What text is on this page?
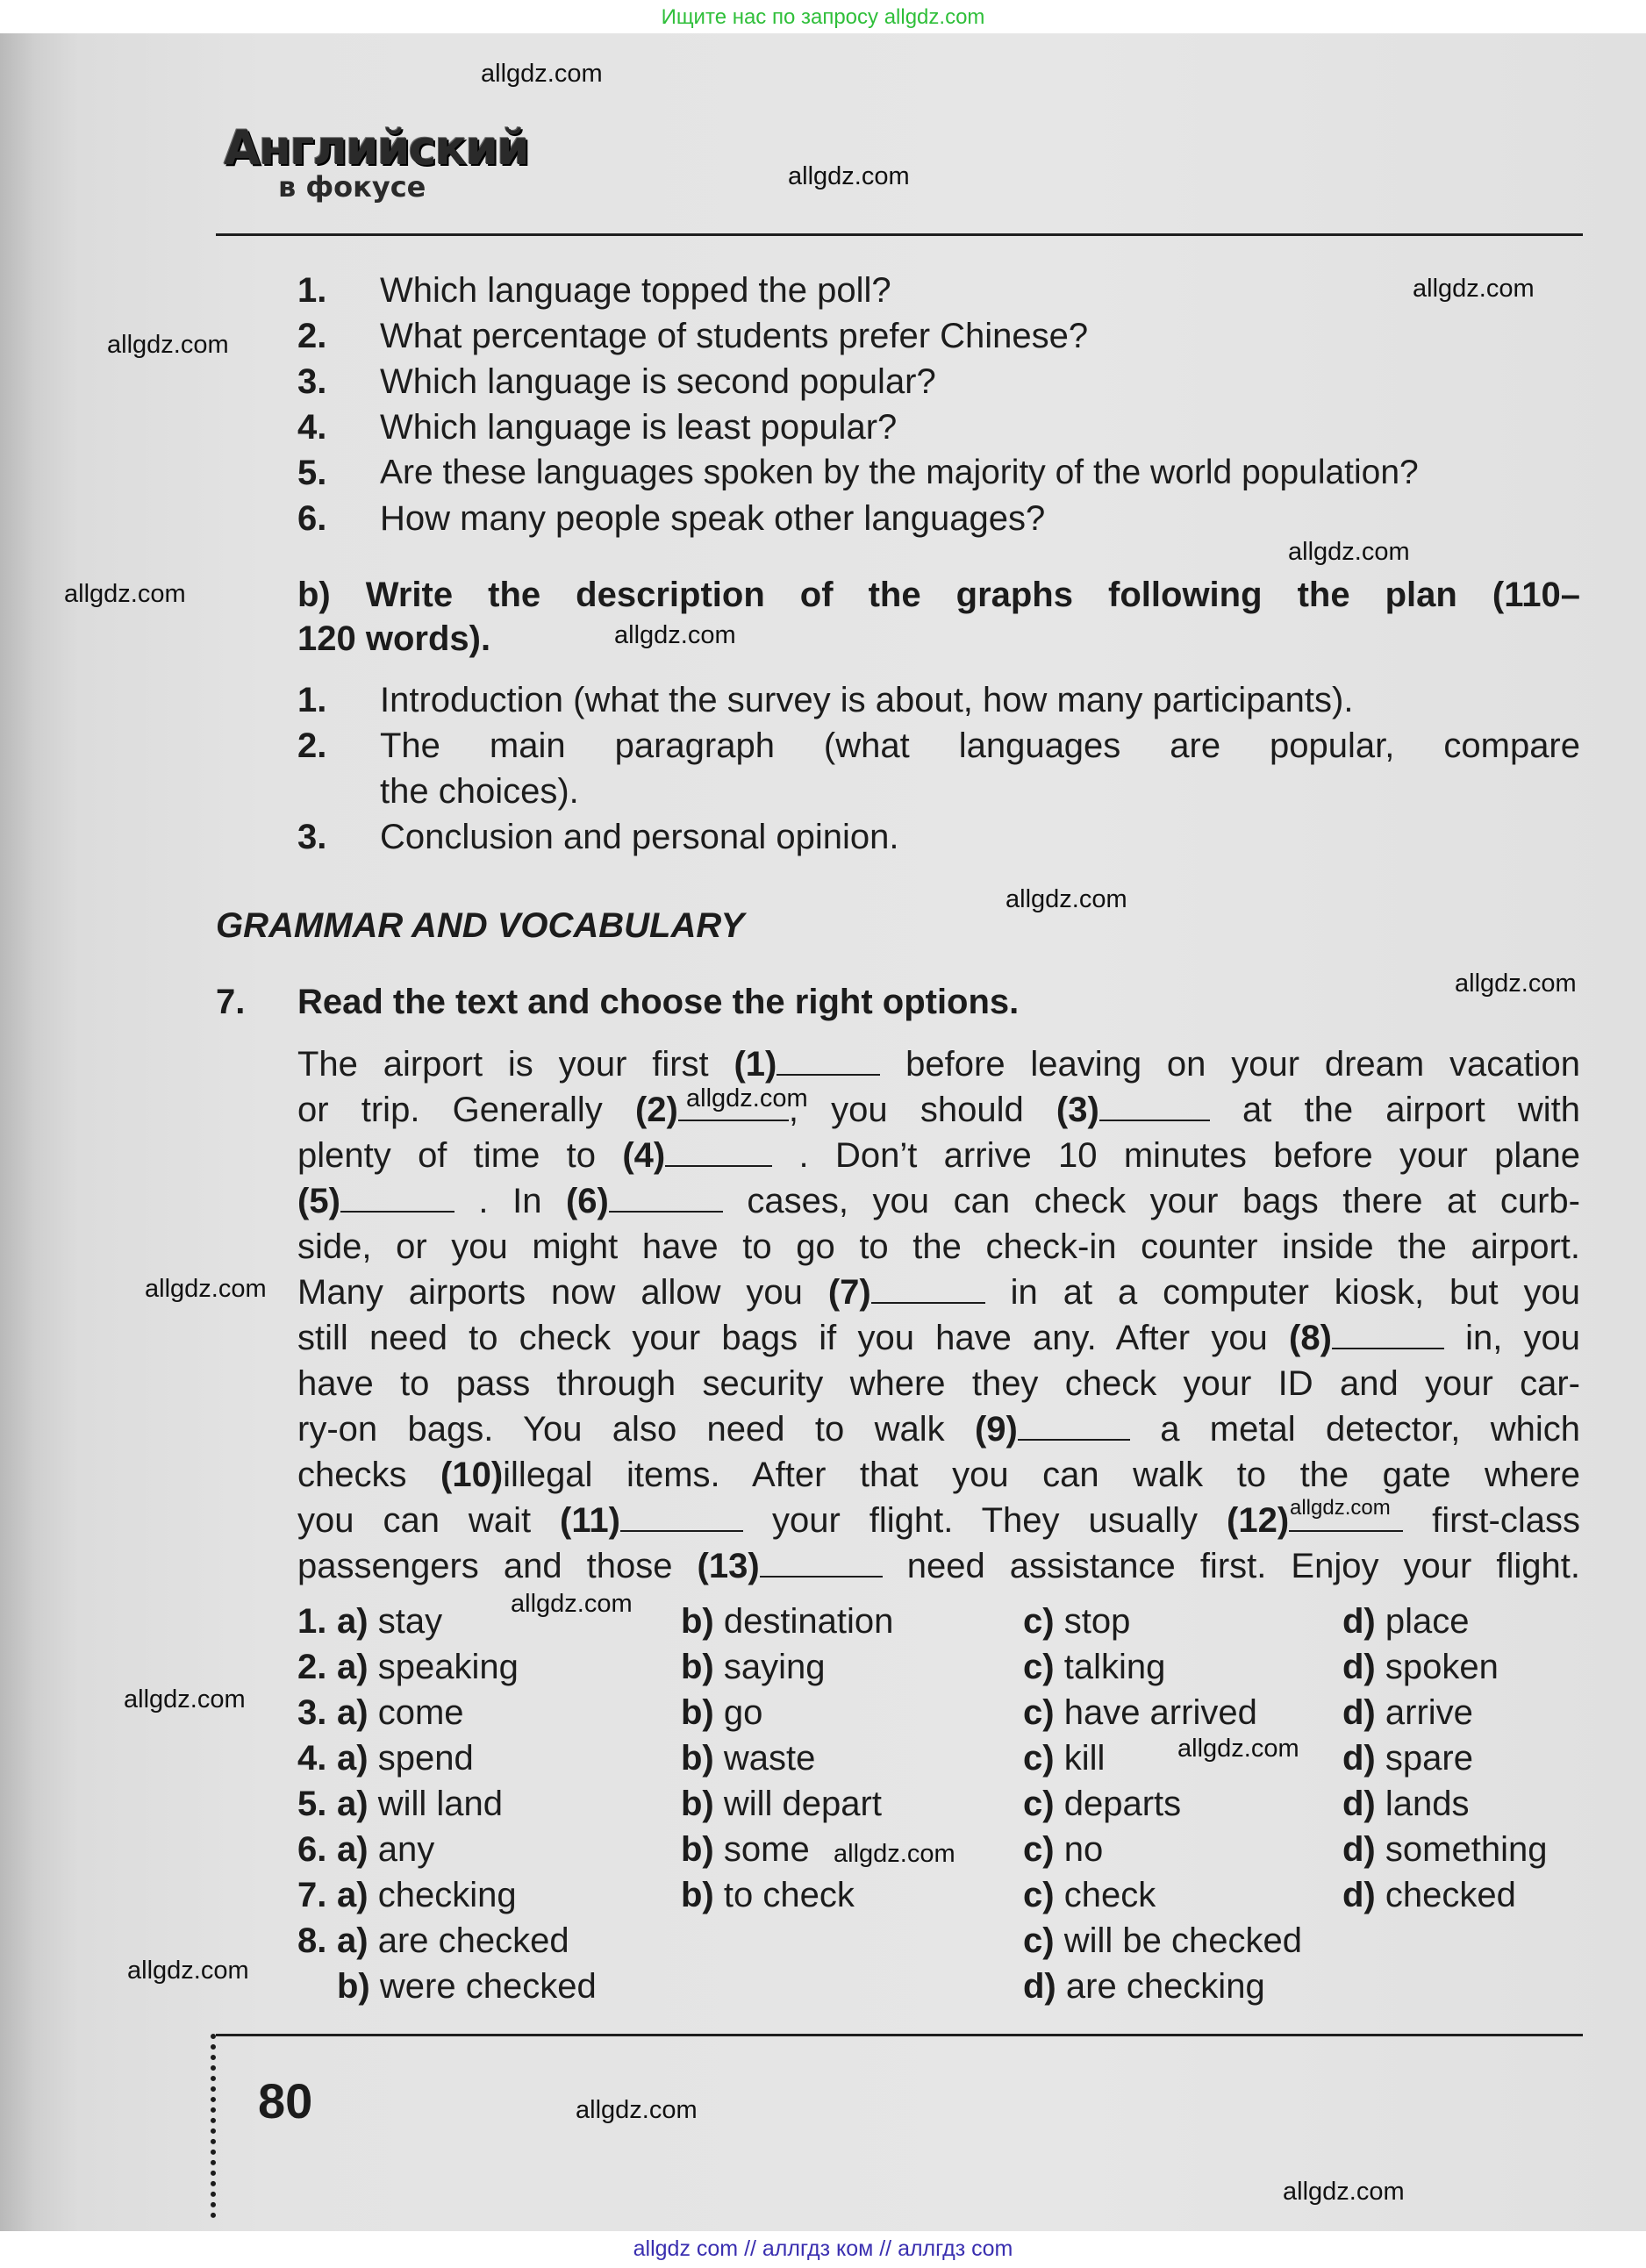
Ищите нас по запросу allgdz.com
allgdz com // аллгдз ком // аллгдз com
Английский
в фокусе
1. Which language topped the poll?
2. What percentage of students prefer Chinese?
3. Which language is second popular?
4. Which language is least popular?
5. Are these languages spoken by the majority of the world population?
6. How many people speak other languages?
b) Write the description of the graphs following the plan (110–
120 words).
1. Introduction (what the survey is about, how many participants).
2. The main paragraph (what languages are popular, compare
the choices).
3. Conclusion and personal opinion.
GRAMMAR AND VOCABULARY
7. Read the text and choose the right options.
The airport is your first (1)	before leaving on your dream vacation
or trip. Generally (2)	, you should (3)	at the airport with
plenty of time to (4)	. Don’t arrive 10 minutes before your plane
(5)	. In (6)	cases, you can check your bags there at curb-
side, or you might have to go to the check-in counter inside the airport.
Many airports now allow you (7)	in at a computer kiosk, but you
still need to check your bags if you have any. After you (8)	in, you
have to pass through security where they check your ID and your car-
ry-on bags. You also need to walk (9)	a metal detector, which
checks (10)illegal items. After that you can walk to the gate where
you can wait (11)	your flight. They usually (12)	first-class
passengers and those (13)	need assistance first. Enjoy your flight.
1. a) stay	b) destination	c) stop	d) place
2. a) speaking	b) saying	c) talking	d) spoken
3. a) come	b) go	c) have arrived d) arrive
4. a) spend	b) waste	c) kill	d) spare
5. a) will land	b) will depart	c) departs	d) lands
6. a) any	b) some	c) no	d) something
7. a) checking	b) to check	c) check	d) checked
8. a) are checked	c) will be checked
b) were checked	d) are checking
80
allgdz.com
allgdz.com
allgdz.com
allgdz.com
allgdz.com
allgdz.com
allgdz.com
allgdz.com
allgdz.com
allgdz.com
allgdz.com
allgdz.com
allgdz.com
allgdz.com
allgdz.com
allgdz.com
allgdz.com
allgdz.com
allgdz.com
